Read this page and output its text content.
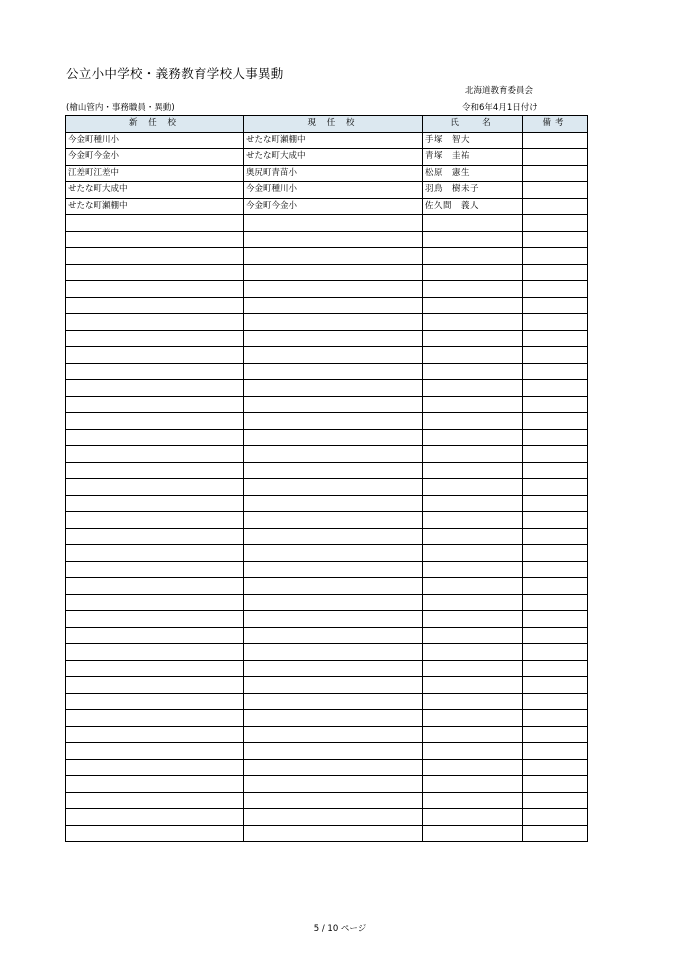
公立小中学校・義務教育学校人事異動
北海道教育委員会
(檜山管内・事務職員・異動)	令和6年4月1日付け
新 任 校	現 任 校	氏　 名	備考
今金町種川小	せたな町瀬棚中	手塚　智大	
今金町今金小	せたな町大成中	青塚　圭祐	
江差町江差中	奥尻町青苗小	松原　憲生	
せたな町大成中	今金町種川小	羽鳥　樹未子	
せたな町瀬棚中	今金町今金小	佐久間　義人	

5 / 10 ページ
